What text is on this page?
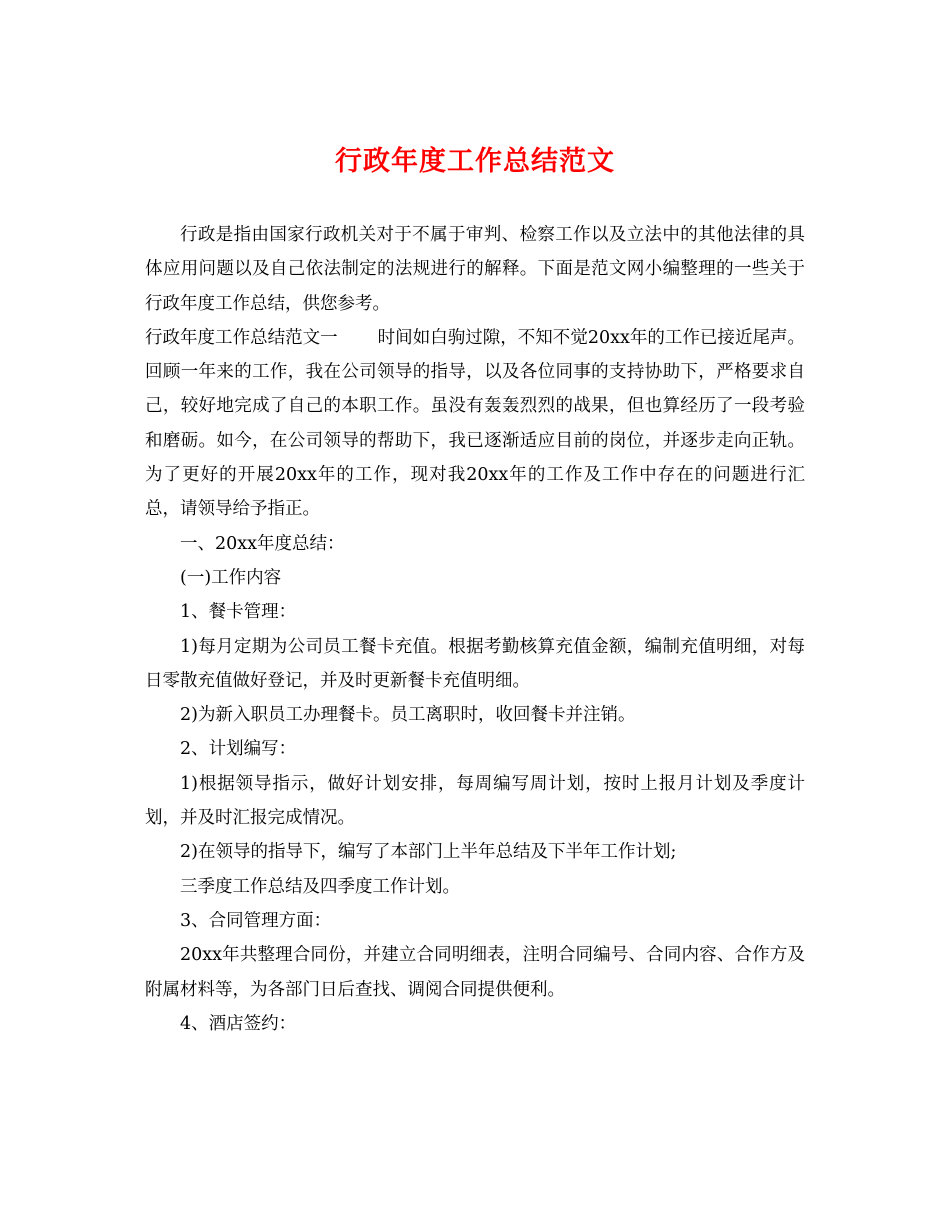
行政年度工作总结范文

行政是指由国家行政机关对于不属于审判、检察工作以及立法中的其他法律的具体应用问题以及自己依法制定的法规进行的解释。下面是范文网小编整理的一些关于行政年度工作总结，供您参考。

行政年度工作总结范文一 时间如白驹过隙，不知不觉20xx年的工作已接近尾声。回顾一年来的工作，我在公司领导的指导，以及各位同事的支持协助下，严格要求自己，较好地完成了自己的本职工作。虽没有轰轰烈烈的战果，但也算经历了一段考验和磨砺。如今，在公司领导的帮助下，我已逐渐适应目前的岗位，并逐步走向正轨。为了更好的开展20xx年的工作，现对我20xx年的工作及工作中存在的问题进行汇总，请领导给予指正。

一、20xx年度总结：

(一)工作内容

1、餐卡管理：

1)每月定期为公司员工餐卡充值。根据考勤核算充值金额，编制充值明细，对每日零散充值做好登记，并及时更新餐卡充值明细。

2)为新入职员工办理餐卡。员工离职时，收回餐卡并注销。

2、计划编写：

1)根据领导指示，做好计划安排，每周编写周计划，按时上报月计划及季度计划，并及时汇报完成情况。

2)在领导的指导下，编写了本部门上半年总结及下半年工作计划;

三季度工作总结及四季度工作计划。

3、合同管理方面：

20xx年共整理合同份，并建立合同明细表，注明合同编号、合同内容、合作方及附属材料等，为各部门日后查找、调阅合同提供便利。

4、酒店签约：
